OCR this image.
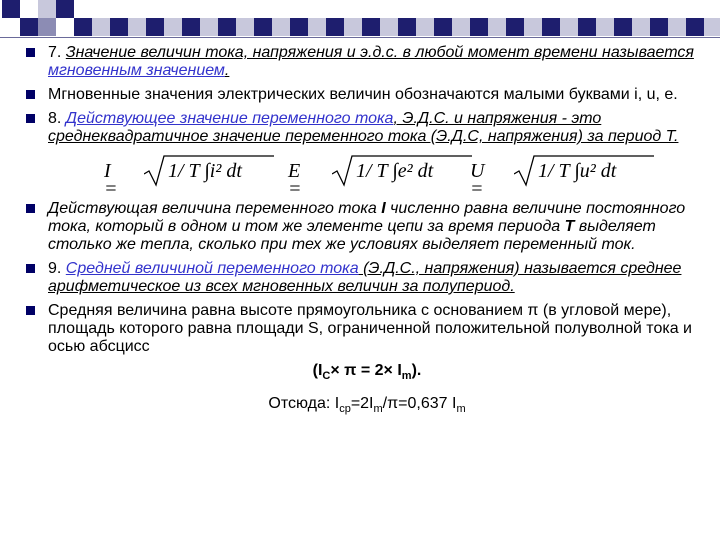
7. Значение величин тока, напряжения и э.д.с. в любой момент времени называется мгновенным значением.
Мгновенные значения электрических величин обозначаются малыми буквами i, u, e.
8. Действующее значение переменного тока, Э.Д.С. и напряжения - это среднеквадратичное значение переменного тока (Э.Д.С, напряжения) за период Т.
I =
1/ T ∫i² dt E =
1/ T ∫e² dt U =
1/ T ∫u² dt
Действующая величина переменного тока I численно равна величине постоянного тока, который в одном и том же элементе цепи за время периода Т выделяет столько же тепла, сколько при тех же условиях выделяет переменный ток.
9. Средней величиной переменного тока (Э.Д.С., напряжения) называется среднее арифметическое из всех мгновенных величин за полупериод.
Средняя величина равна высоте прямоугольника с основанием π (в угловой мере), площадь которого равна площади S, ограниченной положительной полуволной тока и осью абсцисс
$(I_C\times \pi = 2\times I_m)$.
Отсюда: $I_{ср}=2I_m/\pi=0,637$ $I_m$
